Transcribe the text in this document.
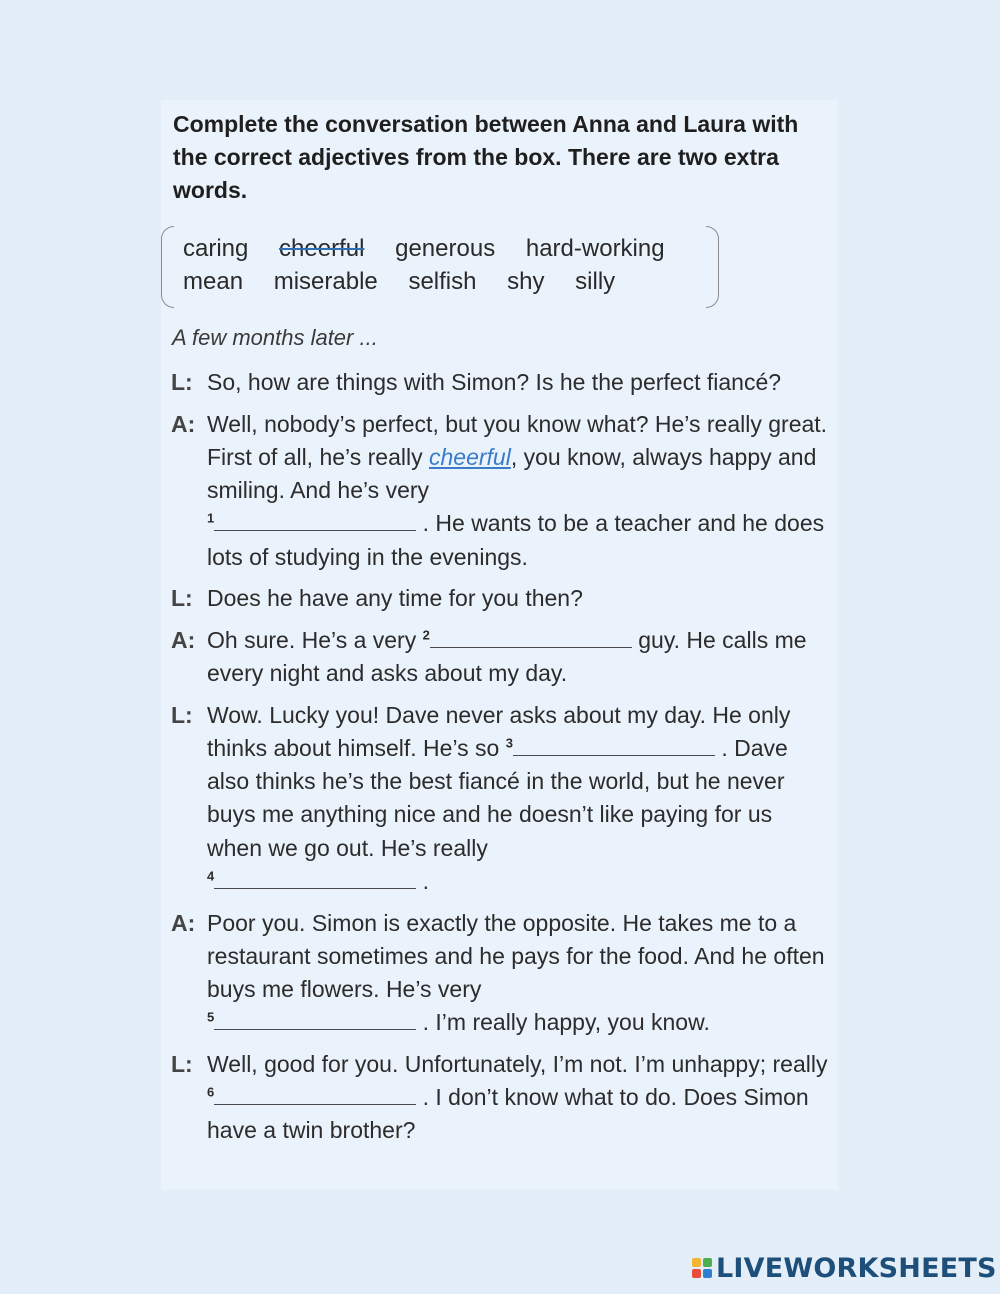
Complete the conversation between Anna and Laura with the correct adjectives from the box. There are two extra words.
caring cheerful generous hard-working
mean miserable selfish shy silly
A few months later ...
L: So, how are things with Simon? Is he the perfect fiancé?
A: Well, nobody’s perfect, but you know what? He’s really great. First of all, he’s really cheerful, you know, always happy and smiling. And he’s very
$^1$	. He wants to be a teacher and he does lots of studying in the evenings.
L: Does he have any time for you then?
A: Oh sure. He’s a very $^2$	guy. He calls me every night and asks about my day.
L: Wow. Lucky you! Dave never asks about my day. He only thinks about himself. He’s so $^3$	. Dave also thinks he’s the best fiancé in the world, but he never buys me anything nice and he doesn’t like paying for us when we go out. He’s really
$^4$	.
A: Poor you. Simon is exactly the opposite. He takes me to a restaurant sometimes and he pays for the food. And he often buys me flowers. He’s very
$^5$	. I’m really happy, you know.
L: Well, good for you. Unfortunately, I’m not. I’m unhappy; really $^6$	. I don’t know what to do. Does Simon have a twin brother?
LIVEWORKSHEETS
